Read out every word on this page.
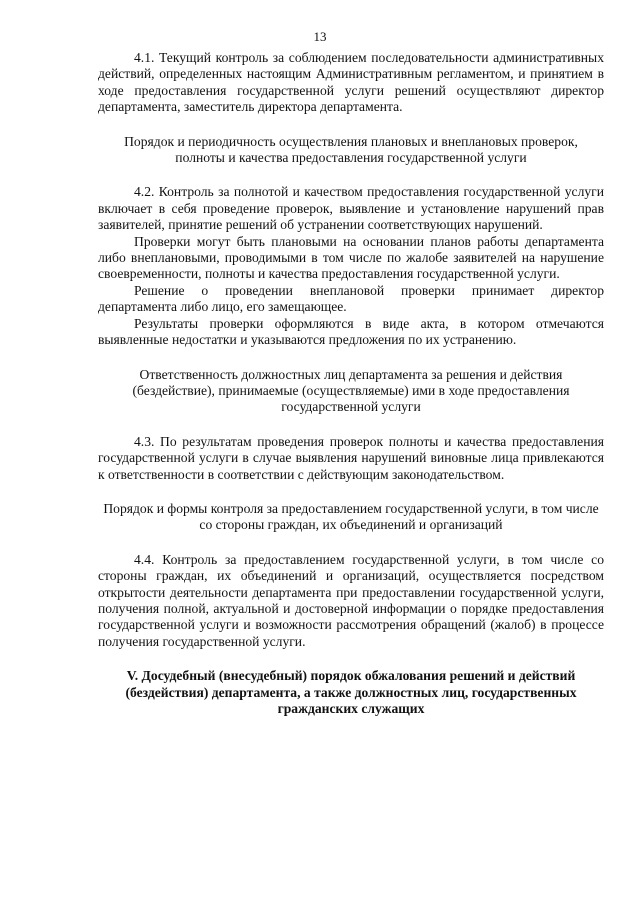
13

4.1. Текущий контроль за соблюдением последовательности административных действий, определенных настоящим Административным регламентом, и принятием в ходе предоставления государственной услуги решений осуществляют директор департамента, заместитель директора департамента.

Порядок и периодичность осуществления плановых и внеплановых проверок, полноты и качества предоставления государственной услуги

4.2. Контроль за полнотой и качеством предоставления государственной услуги включает в себя проведение проверок, выявление и установление нарушений прав заявителей, принятие решений об устранении соответствующих нарушений.

Проверки могут быть плановыми на основании планов работы департамента либо внеплановыми, проводимыми в том числе по жалобе заявителей на нарушение своевременности, полноты и качества предоставления государственной услуги.

Решение о проведении внеплановой проверки принимает директор департамента либо лицо, его замещающее.

Результаты проверки оформляются в виде акта, в котором отмечаются выявленные недостатки и указываются предложения по их устранению.

Ответственность должностных лиц департамента за решения и действия (бездействие), принимаемые (осуществляемые) ими в ходе предоставления государственной услуги

4.3. По результатам проведения проверок полноты и качества предоставления государственной услуги в случае выявления нарушений виновные лица привлекаются к ответственности в соответствии с действующим законодательством.

Порядок и формы контроля за предоставлением государственной услуги, в том числе со стороны граждан, их объединений и организаций

4.4. Контроль за предоставлением государственной услуги, в том числе со стороны граждан, их объединений и организаций, осуществляется посредством открытости деятельности департамента при предоставлении государственной услуги, получения полной, актуальной и достоверной информации о порядке предоставления государственной услуги и возможности рассмотрения обращений (жалоб) в процессе получения государственной услуги.

V. Досудебный (внесудебный) порядок обжалования решений и действий (бездействия) департамента, а также должностных лиц, государственных гражданских служащих
